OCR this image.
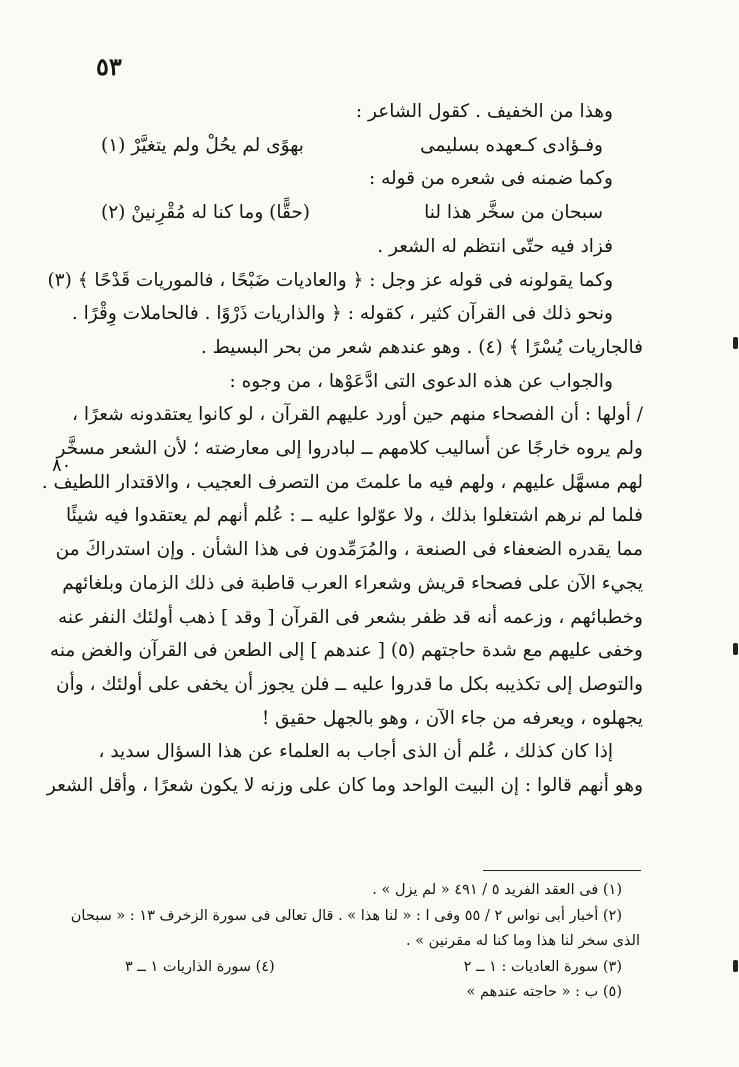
٥٣
وهذا من الخفيف . كقول الشاعر :
وفـؤادى كـعهده بسليمى
بهوًى لم يحُلْ ولم يتغيَّرْ (١)
وكما ضمنه فى شعره من قوله :
سبحان من سخَّر هذا لنا
(حقًّا) وما كنا له مُقْرِنينْ (٢)
فزاد فيه حتّى انتظم له الشعر .
وكما يقولونه فى قوله عز وجل : ﴿ والعاديات ضَبْحًا ، فالموريات قَدْحًا ﴾ (٣)
ونحو ذلك فى القرآن كثير ، كقوله : ﴿ والذاريات ذَرْوًا . فالحاملات وِقْرًا .
فالجاريات يُسْرًا ﴾ (٤) . وهو عندهم شعر من بحر البسيط .
والجواب عن هذه الدعوى التى ادَّعَوْها ، من وجوه :
/ أولها : أن الفصحاء منهم حين أورد عليهم القرآن ، لو كانوا يعتقدونه شعرًا ،
ولم يروه خارجًا عن أساليب كلامهم ــ لبادروا إلى معارضته ؛ لأن الشعر مسخَّر
لهم مسهَّل عليهم ، ولهم فيه ما علمتَ من التصرف العجيب ، والاقتدار اللطيف .
فلما لم نرهم اشتغلوا بذلك ، ولا عوّلوا عليه ــ : عُلم أنهم لم يعتقدوا فيه شيئًا
مما يقدره الضعفاء فى الصنعة ، والمُرَمِّدون فى هذا الشأن . وإن استدراكَ من
يجيء الآن على فصحاء قريش وشعراء العرب قاطبة فى ذلك الزمان وبلغائهم
وخطبائهم ، وزعمه أنه قد ظفر بشعر فى القرآن [ وقد ] ذهب أولئك النفر عنه
وخفى عليهم مع شدة حاجتهم (٥) [ عندهم ] إلى الطعن فى القرآن والغض منه
والتوصل إلى تكذيبه بكل ما قدروا عليه ــ فلن يجوز أن يخفى على أولئك ، وأن
يجهلوه ، ويعرفه من جاء الآن ، وهو بالجهل حقيق !
إذا كان كذلك ، عُلم أن الذى أجاب به العلماء عن هذا السؤال سديد ،
وهو أنهم قالوا : إن البيت الواحد وما كان على وزنه لا يكون شعرًا ، وأقل الشعر
٨٠
(١) فى العقد الفريد ٥ / ٤٩١ « لم يزل » .
(٢) أخبار أبى نواس ٢ / ٥٥ وفى ا : « لنا هذا » . قال تعالى فى سورة الزخرف ١٣ : « سبحان
الذى سخر لنا هذا وما كنا له مقرنين » .
(٣) سورة العاديات : ١ ــ ٢
(٤) سورة الذاريات ١ ــ ٣
(٥) ب : « حاجته عندهم »
